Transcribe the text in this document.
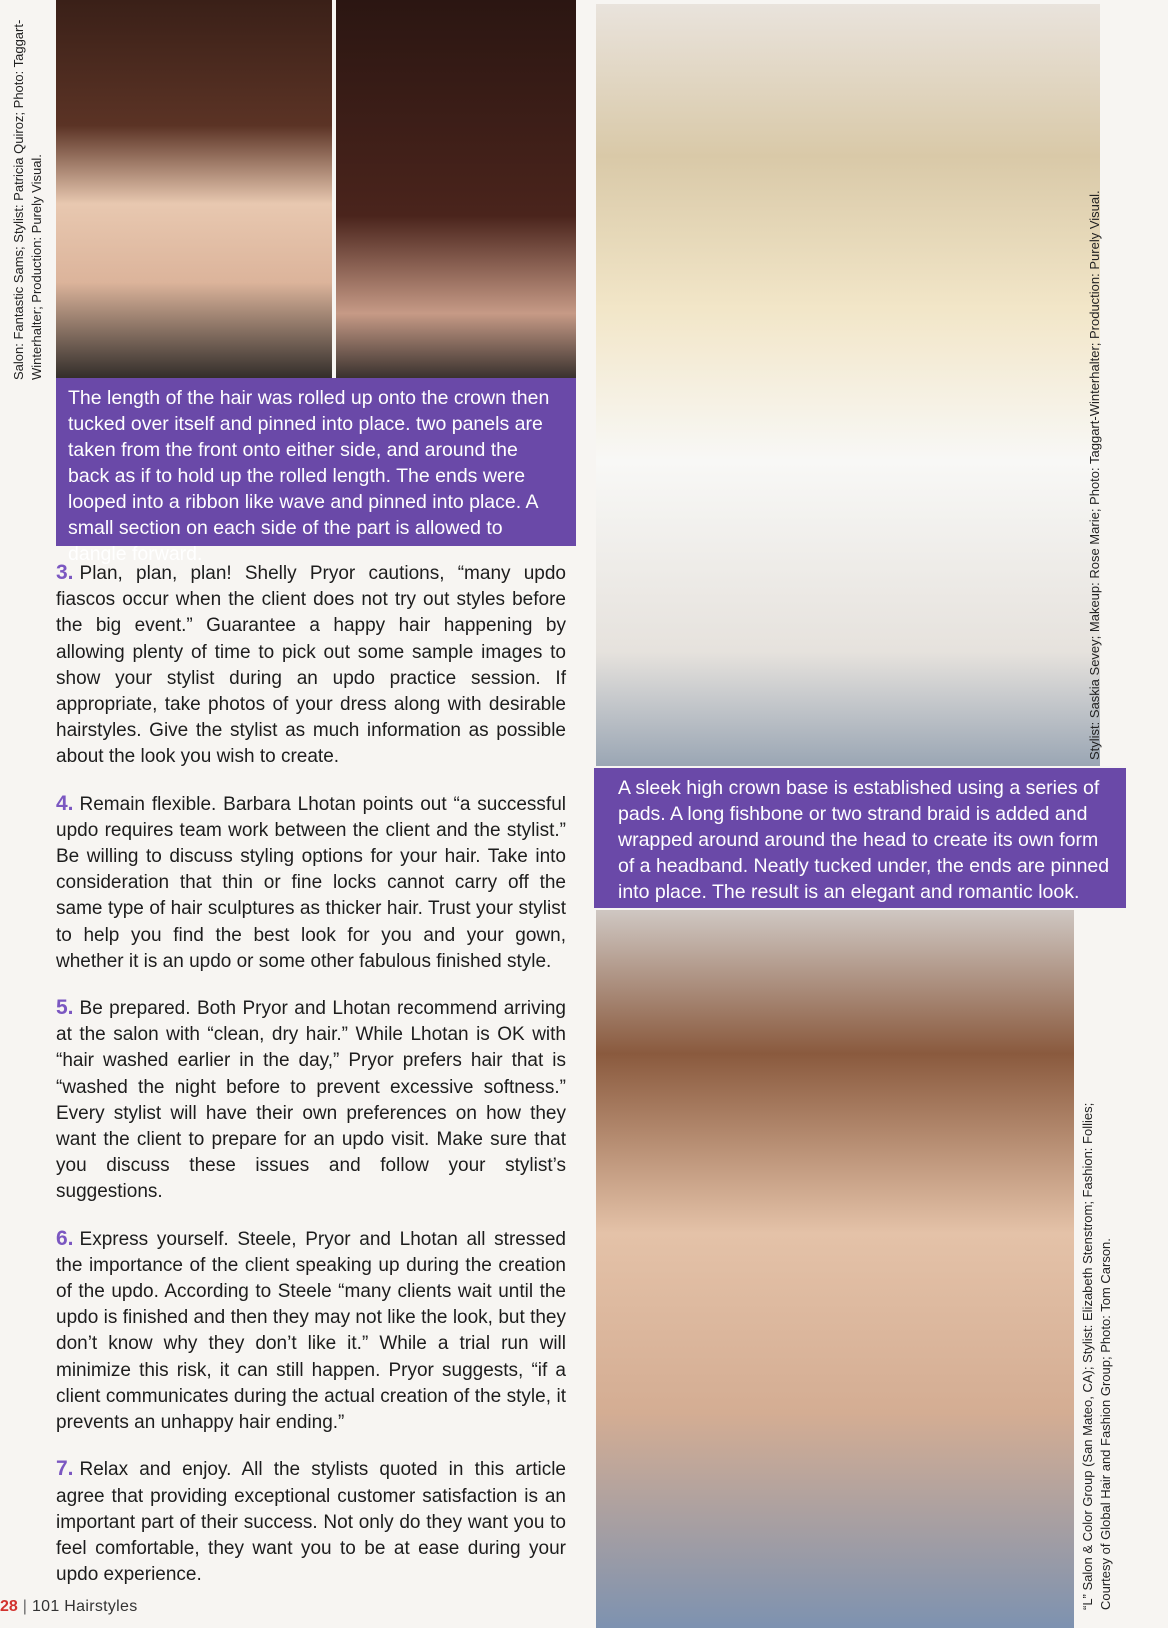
Salon: Fantastic Sams; Stylist: Patricia Quiroz; Photo: Taggart-Winterhalter; Production: Purely Visual.
The length of the hair was rolled up onto the crown then tucked over itself and pinned into place. two panels are taken from the front onto either side, and around the back as if to hold up the rolled length. The ends were looped into a ribbon like wave and pinned into place. A small section on each side of the part is allowed to dangle forward.

3. Plan, plan, plan! Shelly Pryor cautions, “many updo fiascos occur when the client does not try out styles before the big event.” Guarantee a happy hair happening by allowing plenty of time to pick out some sample images to show your stylist during an updo practice session. If appropriate, take photos of your dress along with desirable hairstyles. Give the stylist as much information as possible about the look you wish to create.

4. Remain flexible. Barbara Lhotan points out “a successful updo requires team work between the client and the stylist.” Be willing to discuss styling options for your hair. Take into consideration that thin or fine locks cannot carry off the same type of hair sculptures as thicker hair. Trust your stylist to help you find the best look for you and your gown, whether it is an updo or some other fabulous finished style.

5. Be prepared. Both Pryor and Lhotan recommend arriving at the salon with “clean, dry hair.” While Lhotan is OK with “hair washed earlier in the day,” Pryor prefers hair that is “washed the night before to prevent excessive softness.” Every stylist will have their own preferences on how they want the client to prepare for an updo visit. Make sure that you discuss these issues and follow your stylist’s suggestions.

6. Express yourself. Steele, Pryor and Lhotan all stressed the importance of the client speaking up during the creation of the updo. According to Steele “many clients wait until the updo is finished and then they may not like the look, but they don’t know why they don’t like it.” While a trial run will minimize this risk, it can still happen. Pryor suggests, “if a client communicates during the actual creation of the style, it prevents an unhappy hair ending.”

7. Relax and enjoy. All the stylists quoted in this article agree that providing exceptional customer satisfaction is an important part of their success. Not only do they want you to feel comfortable, they want you to be at ease during your updo experience.

A sleek high crown base is established using a series of pads. A long fishbone or two strand braid is added and wrapped around around the head to create its own form of a headband. Neatly tucked under, the ends are pinned into place. The result is an elegant and romantic look.
Stylist: Saskia Sevey; Makeup: Rose Marie; Photo: Taggart-Winterhalter; Production: Purely Visual.
“L” Salon & Color Group (San Mateo, CA); Stylist: Elizabeth Stenstrom; Fashion: Follies; Courtesy of Global Hair and Fashion Group; Photo: Tom Carson.
28 | 101 Hairstyles
